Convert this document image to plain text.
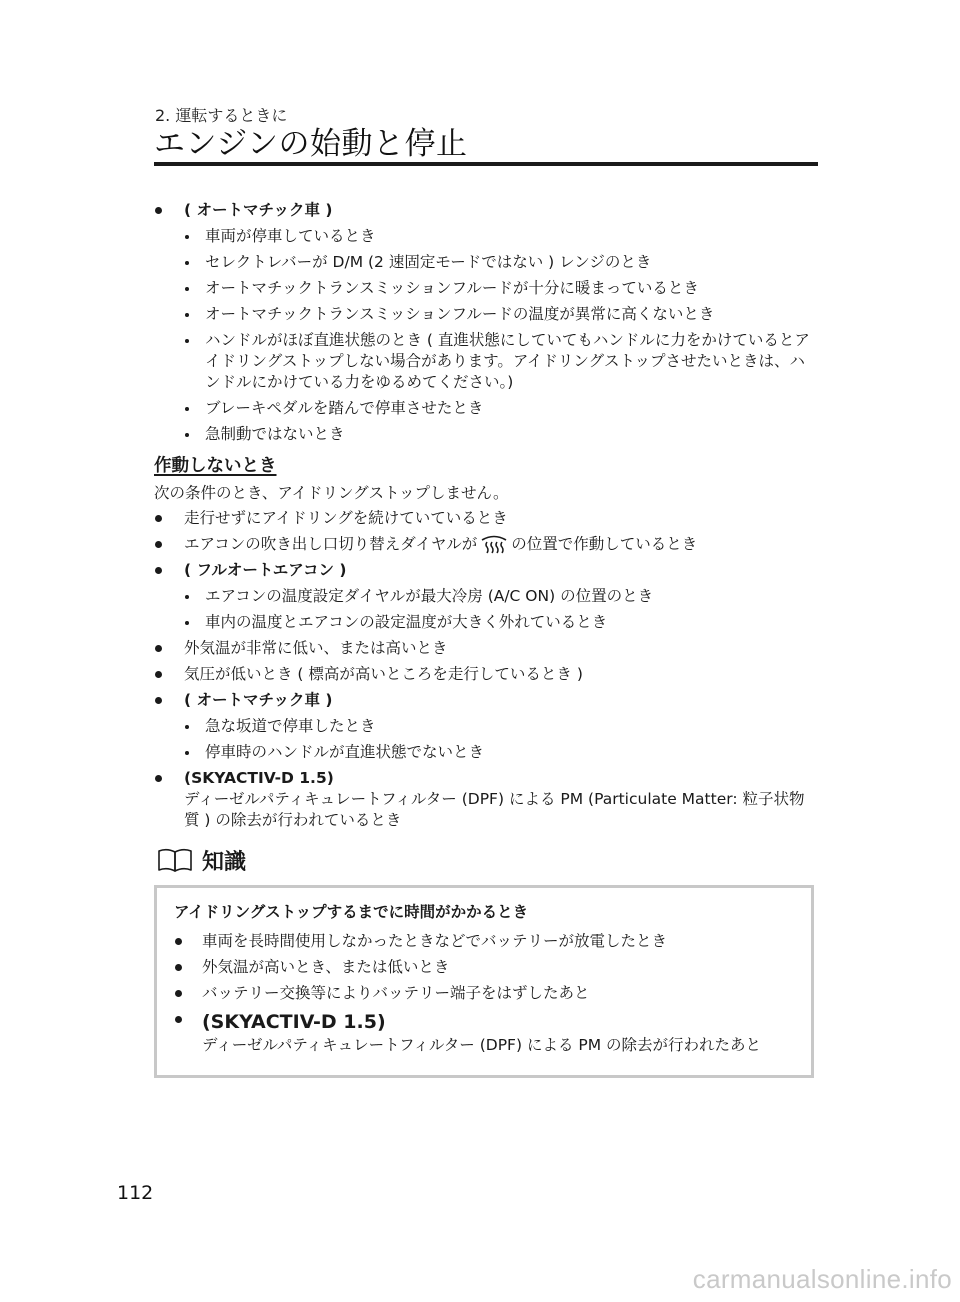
2. 運転するときに
エンジンの始動と停止
( オートマチック車 )
車両が停車しているとき
セレクトレバーが D/M (2 速固定モードではない ) レンジのとき
オートマチックトランスミッションフルードが十分に暖まっているとき
オートマチックトランスミッションフルードの温度が異常に高くないとき
ハンドルがほぼ直進状態のとき ( 直進状態にしていてもハンドルに力をかけているとアイドリングストップしない場合があります。アイドリングストップさせたいときは、ハンドルにかけている力をゆるめてください。)
ブレーキペダルを踏んで停車させたとき
急制動ではないとき
作動しないとき
次の条件のとき、アイドリングストップしません。
走行せずにアイドリングを続けていているとき
エアコンの吹き出し口切り替えダイヤルが の位置で作動しているとき
( フルオートエアコン )
エアコンの温度設定ダイヤルが最大冷房 (A/C ON) の位置のとき
車内の温度とエアコンの設定温度が大きく外れているとき
外気温が非常に低い、または高いとき
気圧が低いとき ( 標高が高いところを走行しているとき )
( オートマチック車 )
急な坂道で停車したとき
停車時のハンドルが直進状態でないとき
(SKYACTIV-D 1.5)
ディーゼルパティキュレートフィルター (DPF) による PM (Particulate Matter: 粒子状物質 ) の除去が行われているとき
知識
アイドリングストップするまでに時間がかかるとき
車両を長時間使用しなかったときなどでバッテリーが放電したとき
外気温が高いとき、または低いとき
バッテリー交換等によりバッテリー端子をはずしたあと
(SKYACTIV-D 1.5)
ディーゼルパティキュレートフィルター (DPF) による PM の除去が行われたあと
112
carmanualsonline.info
